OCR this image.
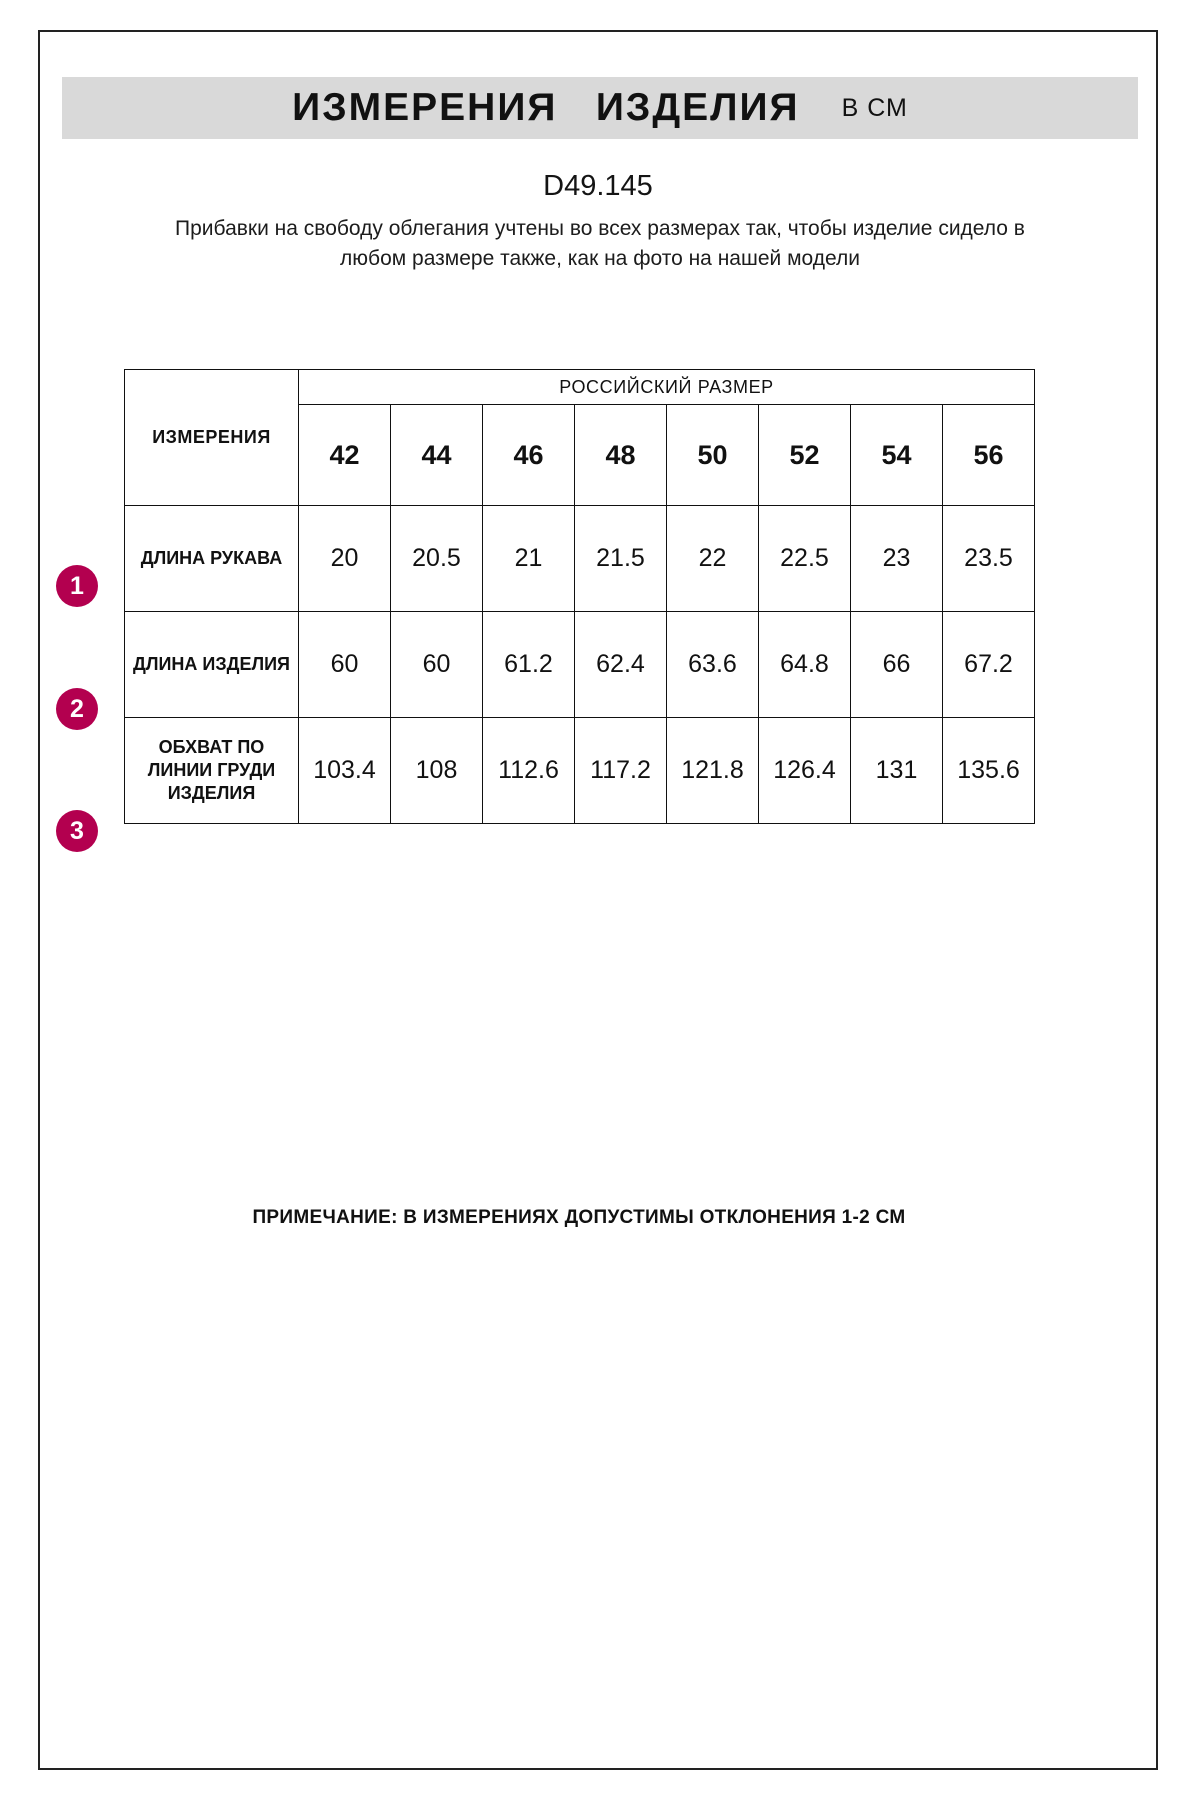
ИЗМЕРЕНИЯ   ИЗДЕЛИЯ В СМ
D49.145
Прибавки на свободу облегания учтены во всех размерах так, чтобы изделие сидело в любом размере также, как на фото на нашей модели
1
2
3
ИЗМЕРЕНИЯ	РОССИЙСКИЙ РАЗМЕР							
	42	44	46	48	50	52	54	56
ДЛИНА РУКАВА	20	20.5	21	21.5	22	22.5	23	23.5
ДЛИНА ИЗДЕЛИЯ	60	60	61.2	62.4	63.6	64.8	66	67.2
ОБХВАТ ПО ЛИНИИ ГРУДИ ИЗДЕЛИЯ	103.4	108	112.6	117.2	121.8	126.4	131	135.6
ПРИМЕЧАНИЕ: В ИЗМЕРЕНИЯХ ДОПУСТИМЫ ОТКЛОНЕНИЯ 1-2 СМ
